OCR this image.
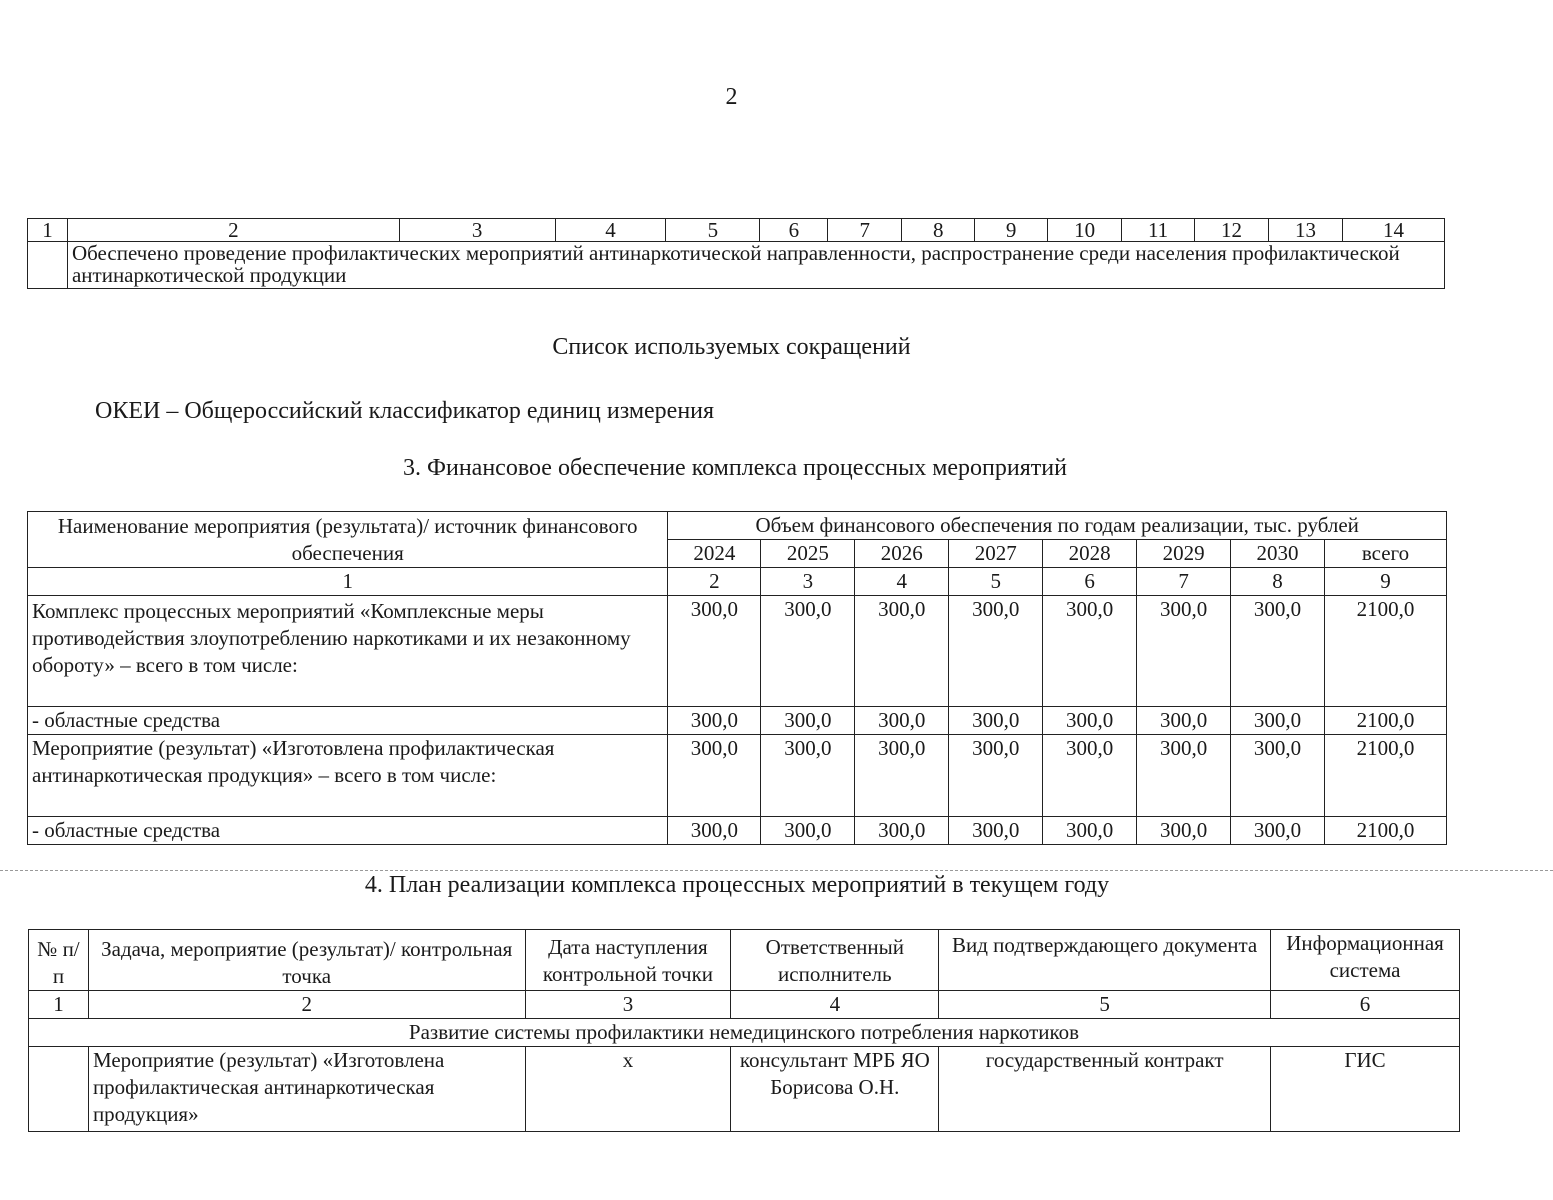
2
1	2	3	4	5	6	7	8	9	10	11	12	13	14
	Обеспечено проведение профилактических мероприятий антинаркотической направленности, распространение среди населения профилактической антинаркотической продукции												
Список используемых сокращений
ОКЕИ – Общероссийский классификатор единиц измерения
3. Финансовое обеспечение комплекса процессных мероприятий
Наименование мероприятия (результата)/ источник финансового обеспечения	Объем финансового обеспечения по годам реализации, тыс. рублей							
	2024	2025	2026	2027	2028	2029	2030	всего
1	2	3	4	5	6	7	8	9
Комплекс процессных мероприятий «Комплексные меры противодействия злоупотреблению наркотиками и их незаконному обороту» – всего в том числе:	300,0	300,0	300,0	300,0	300,0	300,0	300,0	2100,0
- областные средства	300,0	300,0	300,0	300,0	300,0	300,0	300,0	2100,0
Мероприятие (результат) «Изготовлена профилактическая антинаркотическая продукция» – всего в том числе:	300,0	300,0	300,0	300,0	300,0	300,0	300,0	2100,0
- областные средства	300,0	300,0	300,0	300,0	300,0	300,0	300,0	2100,0
4. План реализации комплекса процессных мероприятий в текущем году
№ п/п	Задача, мероприятие (результат)/ контрольная точка	Дата наступления контрольной точки	Ответственный исполнитель	Вид подтверждающего документа	Информационная система
1	2	3	4	5	6
Развитие системы профилактики немедицинского потребления наркотиков					
	Мероприятие (результат) «Изготовлена профилактическая антинаркотическая продукция»	х	консультант МРБ ЯО Борисова О.Н.	государственный контракт	ГИС
